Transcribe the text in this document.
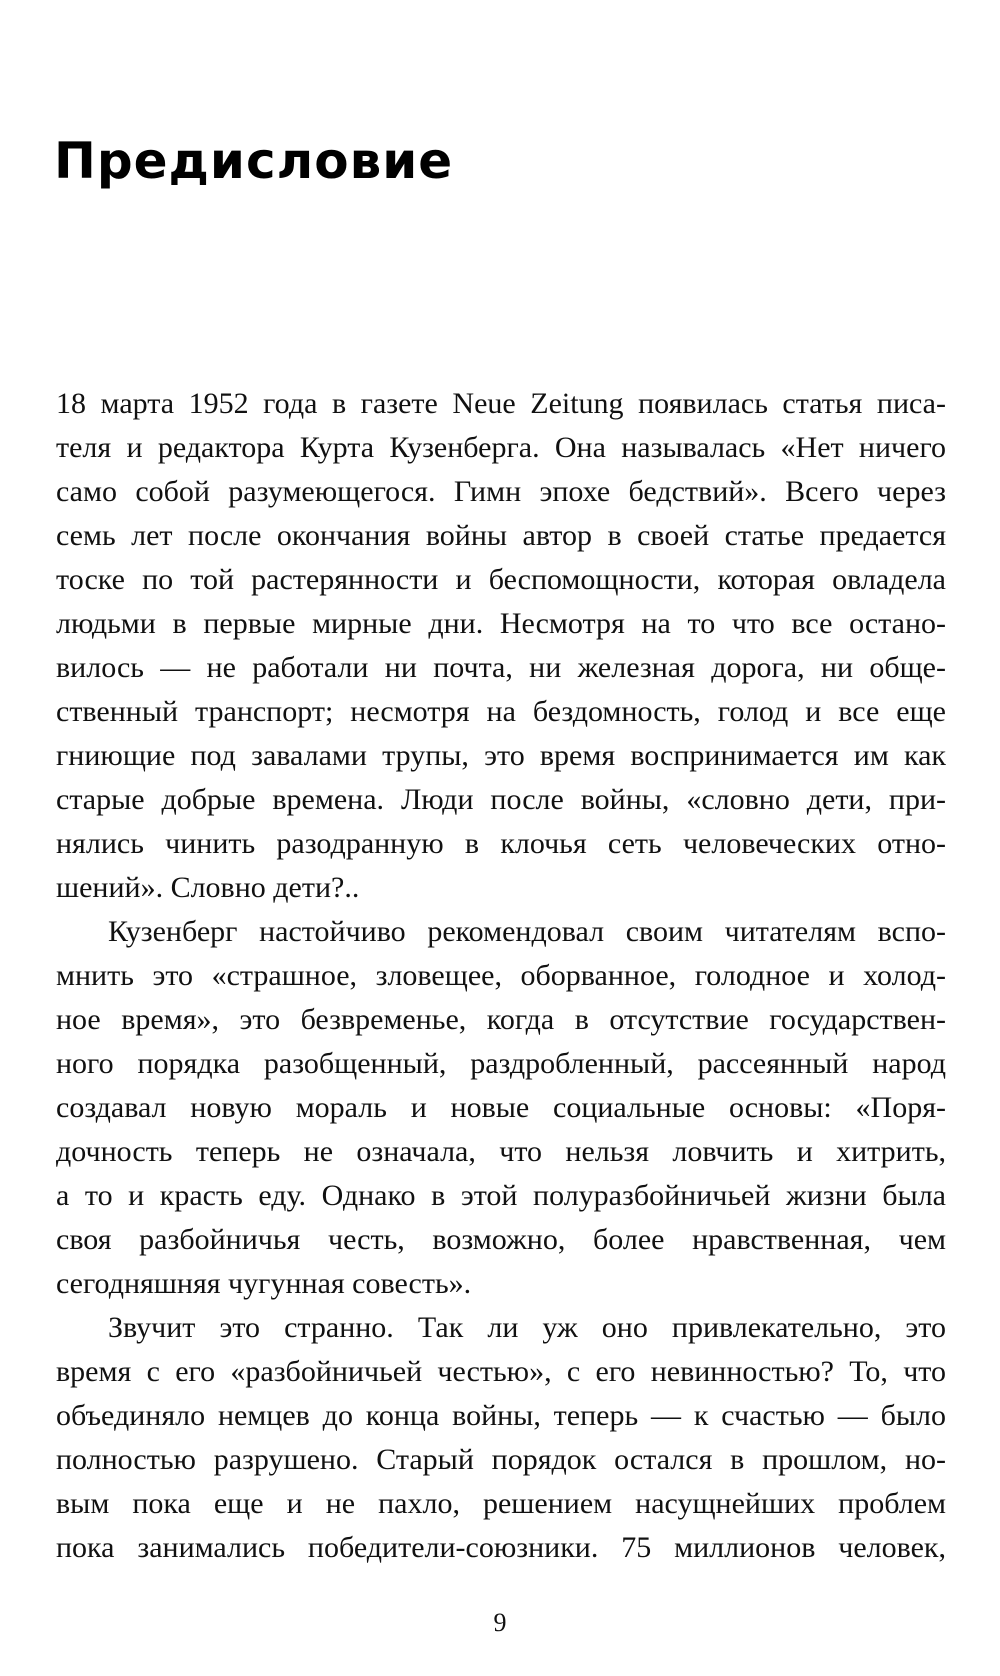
Предисловие
18 марта 1952 года в газете Neue Zeitung появилась статья писа-
теля и редактора Курта Кузенберга. Она называлась «Нет ничего
само собой разумеющегося. Гимн эпохе бедствий». Всего через
семь лет после окончания войны автор в своей статье предается
тоске по той растерянности и беспомощности, которая овладела
людьми в первые мирные дни. Несмотря на то что все остано-
вилось — не работали ни почта, ни железная дорога, ни обще-
ственный транспорт; несмотря на бездомность, голод и все еще
гниющие под завалами трупы, это время воспринимается им как
старые добрые времена. Люди после войны, «словно дети, при-
нялись чинить разодранную в клочья сеть человеческих отно-
шений». Словно дети?..
Кузенберг настойчиво рекомендовал своим читателям вспо-
мнить это «страшное, зловещее, оборванное, голодное и холод-
ное время», это безвременье, когда в отсутствие государствен-
ного порядка разобщенный, раздробленный, рассеянный народ
создавал новую мораль и новые социальные основы: «Поря-
дочность теперь не означала, что нельзя ловчить и хитрить,
а то и красть еду. Однако в этой полуразбойничьей жизни была
своя разбойничья честь, возможно, более нравственная, чем
сегодняшняя чугунная совесть».
Звучит это странно. Так ли уж оно привлекательно, это
время с его «разбойничьей честью», с его невинностью? То, что
объединяло немцев до конца войны, теперь — к счастью — было
полностью разрушено. Старый порядок остался в прошлом, но-
вым пока еще и не пахло, решением насущнейших проблем
пока занимались победители-союзники. 75 миллионов человек,
9
